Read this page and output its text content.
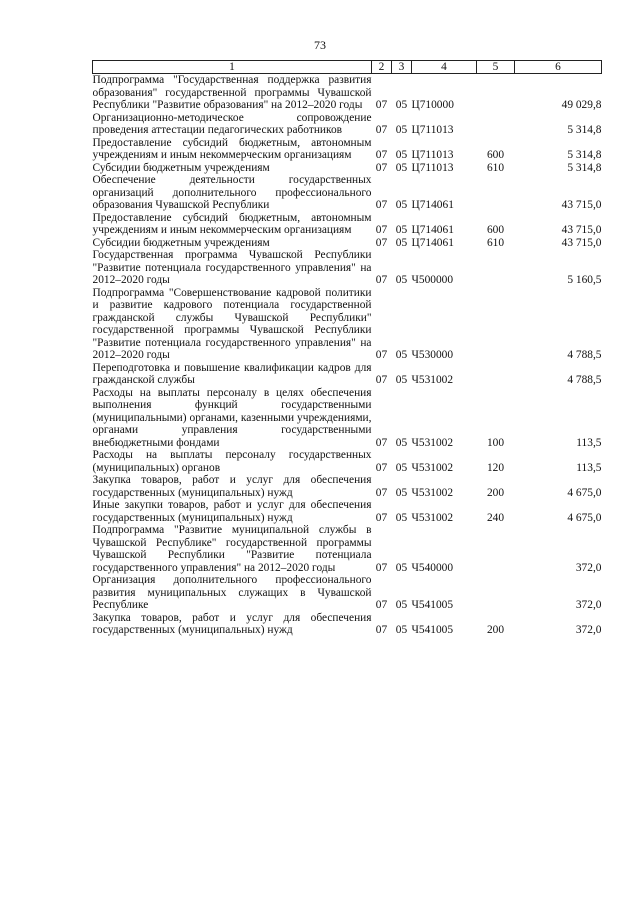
73
1	2	3	4	5	6
Подпрограмма "Государственная поддержка развития образования" государственной программы Чувашской Республики "Развитие образования" на 2012–2020 годы	07	05	Ц710000		49 029,8
Организационно-методическое сопровождение проведения аттестации педагогических работников	07	05	Ц711013		5 314,8
Предоставление субсидий бюджетным, автономным учреждениям и иным некоммерческим организациям	07	05	Ц711013	600	5 314,8
Субсидии бюджетным учреждениям	07	05	Ц711013	610	5 314,8
Обеспечение деятельности государственных организаций дополнительного профессионального образования Чувашской Республики	07	05	Ц714061		43 715,0
Предоставление субсидий бюджетным, автономным учреждениям и иным некоммерческим организациям	07	05	Ц714061	600	43 715,0
Субсидии бюджетным учреждениям	07	05	Ц714061	610	43 715,0
Государственная программа Чувашской Республики "Развитие потенциала государственного управления" на 2012–2020 годы	07	05	Ч500000		5 160,5
Подпрограмма "Совершенствование кадровой политики и развитие кадрового потенциала государственной гражданской службы Чувашской Республики" государственной программы Чувашской Республики "Развитие потенциала государственного управления" на 2012–2020 годы	07	05	Ч530000		4 788,5
Переподготовка и повышение квалификации кадров для гражданской службы	07	05	Ч531002		4 788,5
Расходы на выплаты персоналу в целях обеспечения выполнения функций государственными (муниципальными) органами, казенными учреждениями, органами управления государственными внебюджетными фондами	07	05	Ч531002	100	113,5
Расходы на выплаты персоналу государственных (муниципальных) органов	07	05	Ч531002	120	113,5
Закупка товаров, работ и услуг для обеспечения государственных (муниципальных) нужд	07	05	Ч531002	200	4 675,0
Иные закупки товаров, работ и услуг для обеспечения государственных (муниципальных) нужд	07	05	Ч531002	240	4 675,0
Подпрограмма "Развитие муниципальной службы в Чувашской Республике" государственной программы Чувашской Республики "Развитие потенциала государственного управления" на 2012–2020 годы	07	05	Ч540000		372,0
Организация дополнительного профессионального развития муниципальных служащих в Чувашской Республике	07	05	Ч541005		372,0
Закупка товаров, работ и услуг для обеспечения государственных (муниципальных) нужд	07	05	Ч541005	200	372,0
